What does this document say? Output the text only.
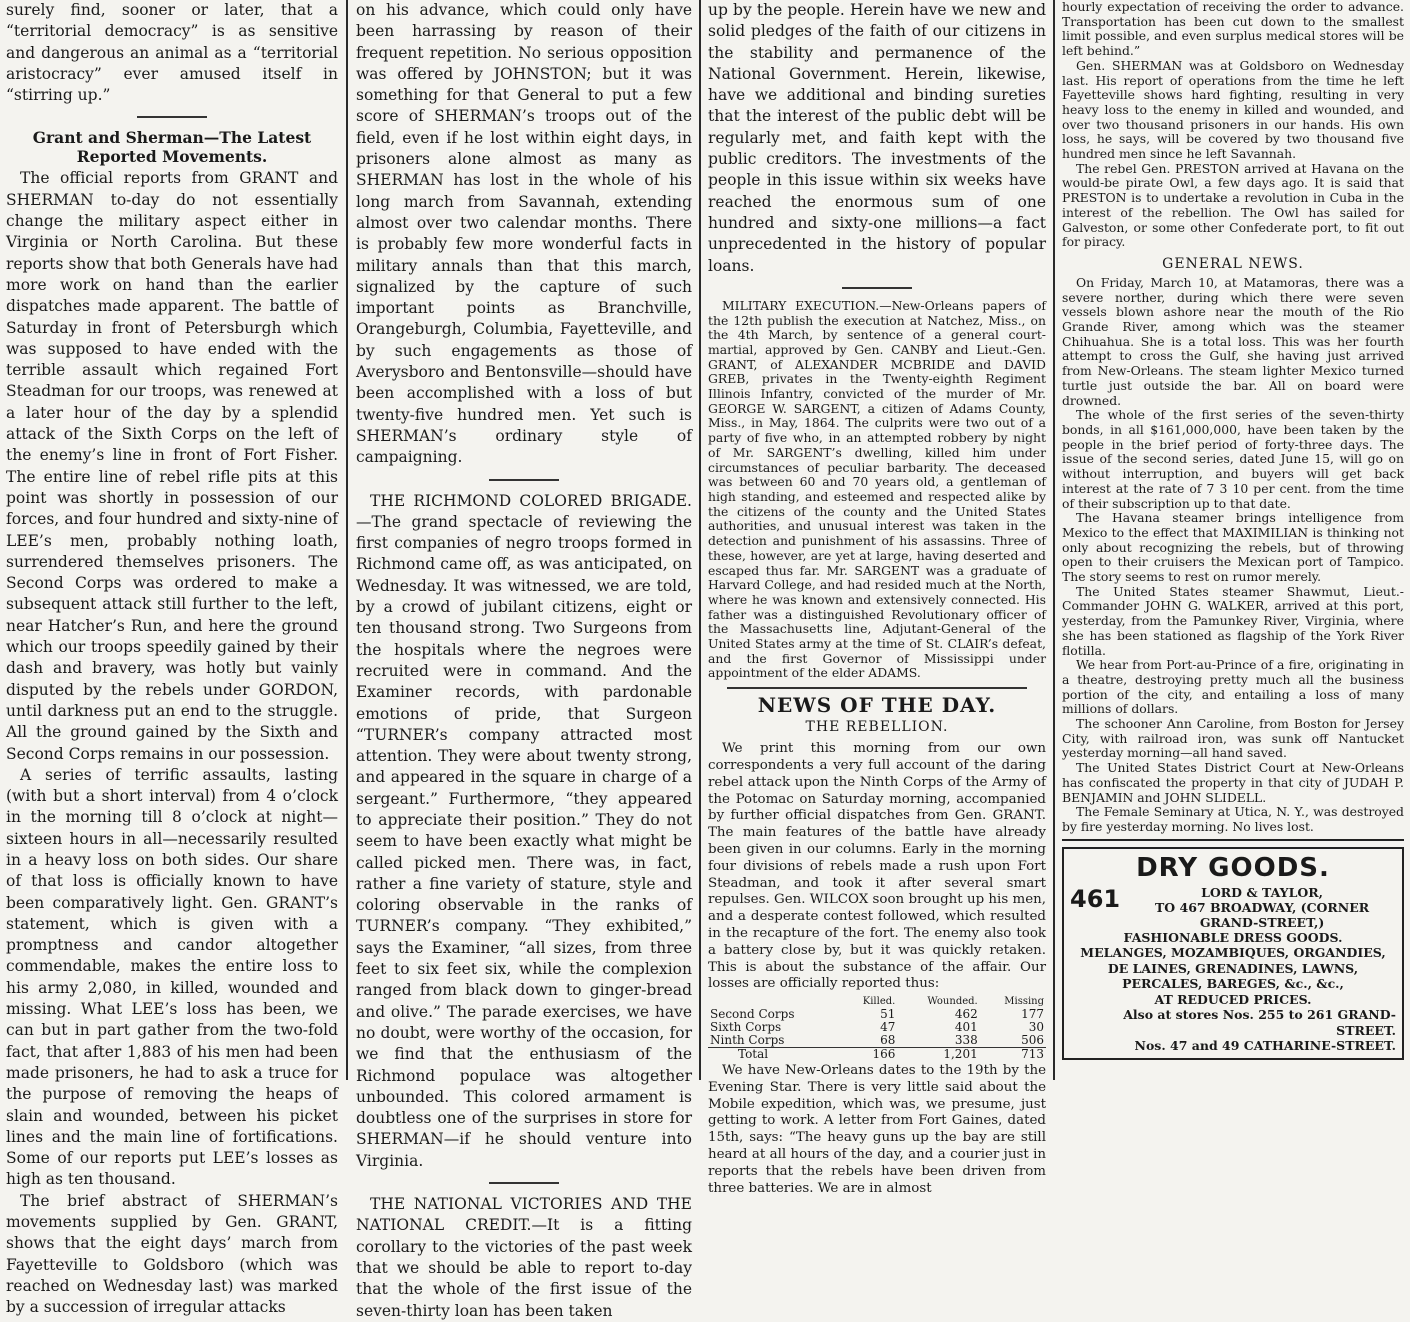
surely find, sooner or later, that a “territorial democracy” is as sensitive and dangerous an animal as a “territorial aristocracy” ever amused itself in “stirring up.”

Grant and Sherman—The Latest Reported Movements.

The official reports from GRANT and SHERMAN to-day do not essentially change the military aspect either in Virginia or North Carolina. But these reports show that both Generals have had more work on hand than the earlier dispatches made apparent. The battle of Saturday in front of Petersburgh which was supposed to have ended with the terrible assault which regained Fort Steadman for our troops, was renewed at a later hour of the day by a splendid attack of the Sixth Corps on the left of the enemy’s line in front of Fort Fisher. The entire line of rebel rifle pits at this point was shortly in possession of our forces, and four hundred and sixty-nine of LEE’s men, probably nothing loath, surrendered themselves prisoners. The Second Corps was ordered to make a subsequent attack still further to the left, near Hatcher’s Run, and here the ground which our troops speedily gained by their dash and bravery, was hotly but vainly disputed by the rebels under GORDON, until darkness put an end to the struggle. All the ground gained by the Sixth and Second Corps remains in our possession.

A series of terrific assaults, lasting (with but a short interval) from 4 o’clock in the morning till 8 o’clock at night—sixteen hours in all—necessarily resulted in a heavy loss on both sides. Our share of that loss is officially known to have been comparatively light. Gen. GRANT’s statement, which is given with a promptness and candor altogether commendable, makes the entire loss to his army 2,080, in killed, wounded and missing. What LEE’s loss has been, we can but in part gather from the two-fold fact, that after 1,883 of his men had been made prisoners, he had to ask a truce for the purpose of removing the heaps of slain and wounded, between his picket lines and the main line of fortifications. Some of our reports put LEE’s losses as high as ten thousand.

The brief abstract of SHERMAN’s movements supplied by Gen. GRANT, shows that the eight days’ march from Fayetteville to Goldsboro (which was reached on Wednesday last) was marked by a succession of irregular attacks

on his advance, which could only have been harrassing by reason of their frequent repetition. No serious opposition was offered by JOHNSTON; but it was something for that General to put a few score of SHERMAN’s troops out of the field, even if he lost within eight days, in prisoners alone almost as many as SHERMAN has lost in the whole of his long march from Savannah, extending almost over two calendar months. There is probably few more wonderful facts in military annals than that this march, signalized by the capture of such important points as Branchville, Orangeburgh, Columbia, Fayetteville, and by such engagements as those of Averysboro and Bentonsville—should have been accomplished with a loss of but twenty-five hundred men. Yet such is SHERMAN’s ordinary style of campaigning.

THE RICHMOND COLORED BRIGADE.—The grand spectacle of reviewing the first companies of negro troops formed in Richmond came off, as was anticipated, on Wednesday. It was witnessed, we are told, by a crowd of jubilant citizens, eight or ten thousand strong. Two Surgeons from the hospitals where the negroes were recruited were in command. And the Examiner records, with pardonable emotions of pride, that Surgeon “TURNER’s company attracted most attention. They were about twenty strong, and appeared in the square in charge of a sergeant.” Furthermore, “they appeared to appreciate their position.” They do not seem to have been exactly what might be called picked men. There was, in fact, rather a fine variety of stature, style and coloring observable in the ranks of TURNER’s company. “They exhibited,” says the Examiner, “all sizes, from three feet to six feet six, while the complexion ranged from black down to ginger-bread and olive.” The parade exercises, we have no doubt, were worthy of the occasion, for we find that the enthusiasm of the Richmond populace was altogether unbounded. This colored armament is doubtless one of the surprises in store for SHERMAN—if he should venture into Virginia.

THE NATIONAL VICTORIES AND THE NATIONAL CREDIT.—It is a fitting corollary to the victories of the past week that we should be able to report to-day that the whole of the first issue of the seven-thirty loan has been taken

up by the people. Herein have we new and solid pledges of the faith of our citizens in the stability and permanence of the National Government. Herein, likewise, have we additional and binding sureties that the interest of the public debt will be regularly met, and faith kept with the public creditors. The investments of the people in this issue within six weeks have reached the enormous sum of one hundred and sixty-one millions—a fact unprecedented in the history of popular loans.

MILITARY EXECUTION.—New-Orleans papers of the 12th publish the execution at Natchez, Miss., on the 4th March, by sentence of a general court-martial, approved by Gen. CANBY and Lieut.-Gen. GRANT, of ALEXANDER MCBRIDE and DAVID GREB, privates in the Twenty-eighth Regiment Illinois Infantry, convicted of the murder of Mr. GEORGE W. SARGENT, a citizen of Adams County, Miss., in May, 1864. The culprits were two out of a party of five who, in an attempted robbery by night of Mr. SARGENT’s dwelling, killed him under circumstances of peculiar barbarity. The deceased was between 60 and 70 years old, a gentleman of high standing, and esteemed and respected alike by the citizens of the county and the United States authorities, and unusual interest was taken in the detection and punishment of his assassins. Three of these, however, are yet at large, having deserted and escaped thus far. Mr. SARGENT was a graduate of Harvard College, and had resided much at the North, where he was known and extensively connected. His father was a distinguished Revolutionary officer of the Massachusetts line, Adjutant-General of the United States army at the time of St. CLAIR’s defeat, and the first Governor of Mississippi under appointment of the elder ADAMS.

NEWS OF THE DAY.
THE REBELLION.

We print this morning from our own correspondents a very full account of the daring rebel attack upon the Ninth Corps of the Army of the Potomac on Saturday morning, accompanied by further official dispatches from Gen. GRANT. The main features of the battle have already been given in our columns. Early in the morning four divisions of rebels made a rush upon Fort Steadman, and took it after several smart repulses. Gen. WILCOX soon brought up his men, and a desperate contest followed, which resulted in the recapture of the fort. The enemy also took a battery close by, but it was quickly retaken. This is about the substance of the affair. Our losses are officially reported thus:

	Killed.	Wounded.	Missing
Second Corps	51	462	177
Sixth Corps	47	401	30
Ninth Corps	68	338	506
Total	166	1,201	713

We have New-Orleans dates to the 19th by the Evening Star. There is very little said about the Mobile expedition, which was, we presume, just getting to work. A letter from Fort Gaines, dated 15th, says: “The heavy guns up the bay are still heard at all hours of the day, and a courier just in reports that the rebels have been driven from three batteries. We are in almost

hourly expectation of receiving the order to advance. Transportation has been cut down to the smallest limit possible, and even surplus medical stores will be left behind.”

Gen. SHERMAN was at Goldsboro on Wednesday last. His report of operations from the time he left Fayetteville shows hard fighting, resulting in very heavy loss to the enemy in killed and wounded, and over two thousand prisoners in our hands. His own loss, he says, will be covered by two thousand five hundred men since he left Savannah.

The rebel Gen. PRESTON arrived at Havana on the would-be pirate Owl, a few days ago. It is said that PRESTON is to undertake a revolution in Cuba in the interest of the rebellion. The Owl has sailed for Galveston, or some other Confederate port, to fit out for piracy.

GENERAL NEWS.

On Friday, March 10, at Matamoras, there was a severe norther, during which there were seven vessels blown ashore near the mouth of the Rio Grande River, among which was the steamer Chihuahua. She is a total loss. This was her fourth attempt to cross the Gulf, she having just arrived from New-Orleans. The steam lighter Mexico turned turtle just outside the bar. All on board were drowned.

The whole of the first series of the seven-thirty bonds, in all $161,000,000, have been taken by the people in the brief period of forty-three days. The issue of the second series, dated June 15, will go on without interruption, and buyers will get back interest at the rate of 7 3 10 per cent. from the time of their subscription up to that date.

The Havana steamer brings intelligence from Mexico to the effect that MAXIMILIAN is thinking not only about recognizing the rebels, but of throwing open to their cruisers the Mexican port of Tampico. The story seems to rest on rumor merely.

The United States steamer Shawmut, Lieut.-Commander JOHN G. WALKER, arrived at this port, yesterday, from the Pamunkey River, Virginia, where she has been stationed as flagship of the York River flotilla.

We hear from Port-au-Prince of a fire, originating in a theatre, destroying pretty much all the business portion of the city, and entailing a loss of many millions of dollars.

The schooner Ann Caroline, from Boston for Jersey City, with railroad iron, was sunk off Nantucket yesterday morning—all hand saved.

The United States District Court at New-Orleans has confiscated the property in that city of JUDAH P. BENJAMIN and JOHN SLIDELL.

The Female Seminary at Utica, N. Y., was destroyed by fire yesterday morning. No lives lost.

DRY GOODS.
461	LORD & TAYLOR,
TO 467 BROADWAY, (CORNER GRAND-STREET,)

FASHIONABLE DRESS GOODS.

MELANGES, MOZAMBIQUES, ORGANDIES, DE LAINES, GRENADINES, LAWNS, PERCALES, BAREGES, &c., &c.,

AT REDUCED PRICES.

Also at stores Nos. 255 to 261 GRAND-STREET.

Nos. 47 and 49 CATHARINE-STREET.
